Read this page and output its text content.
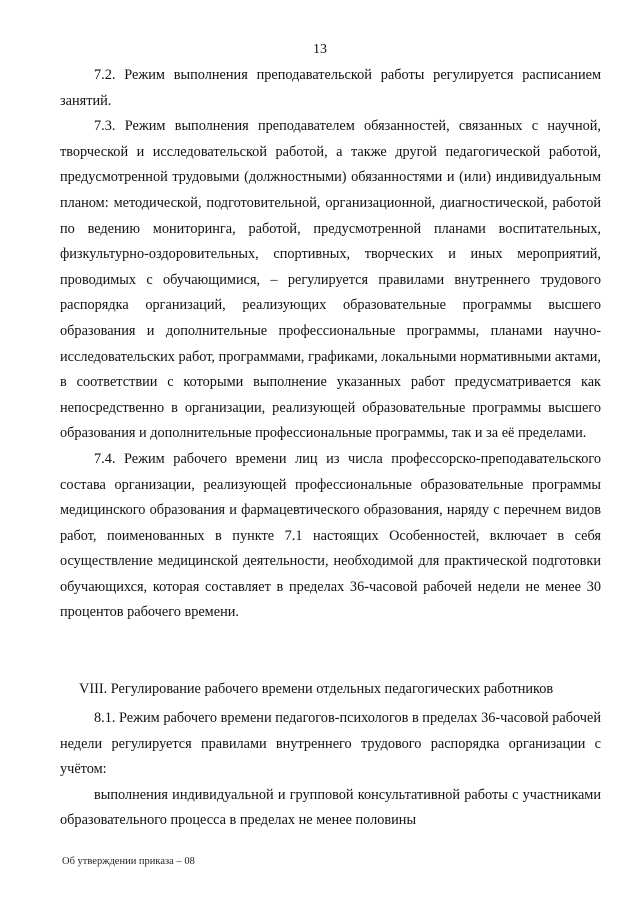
13

7.2. Режим выполнения преподавательской работы регулируется расписанием занятий.

7.3. Режим выполнения преподавателем обязанностей, связанных с научной, творческой и исследовательской работой, а также другой педагогической работой, предусмотренной трудовыми (должностными) обязанностями и (или) индивидуальным планом: методической, подготовительной, организационной, диагностической, работой по ведению мониторинга, работой, предусмотренной планами воспитательных, физкультурно-оздоровительных, спортивных, творческих и иных мероприятий, проводимых с обучающимися, – регулируется правилами внутреннего трудового распорядка организаций, реализующих образовательные программы высшего образования и дополнительные профессиональные программы, планами научно-исследовательских работ, программами, графиками, локальными нормативными актами, в соответствии с которыми выполнение указанных работ предусматривается как непосредственно в организации, реализующей образовательные программы высшего образования и дополнительные профессиональные программы, так и за её пределами.

7.4. Режим рабочего времени лиц из числа профессорско-преподавательского состава организации, реализующей профессиональные образовательные программы медицинского образования и фармацевтического образования, наряду с перечнем видов работ, поименованных в пункте 7.1 настоящих Особенностей, включает в себя осуществление медицинской деятельности, необходимой для практической подготовки обучающихся, которая составляет в пределах 36-часовой рабочей недели не менее 30 процентов рабочего времени.

VIII. Регулирование рабочего времени отдельных педагогических работников

8.1. Режим рабочего времени педагогов-психологов в пределах 36-часовой рабочей недели регулируется правилами внутреннего трудового распорядка организации с учётом:

выполнения индивидуальной и групповой консультативной работы с участниками образовательного процесса в пределах не менее половины

Об утверждении приказа – 08
